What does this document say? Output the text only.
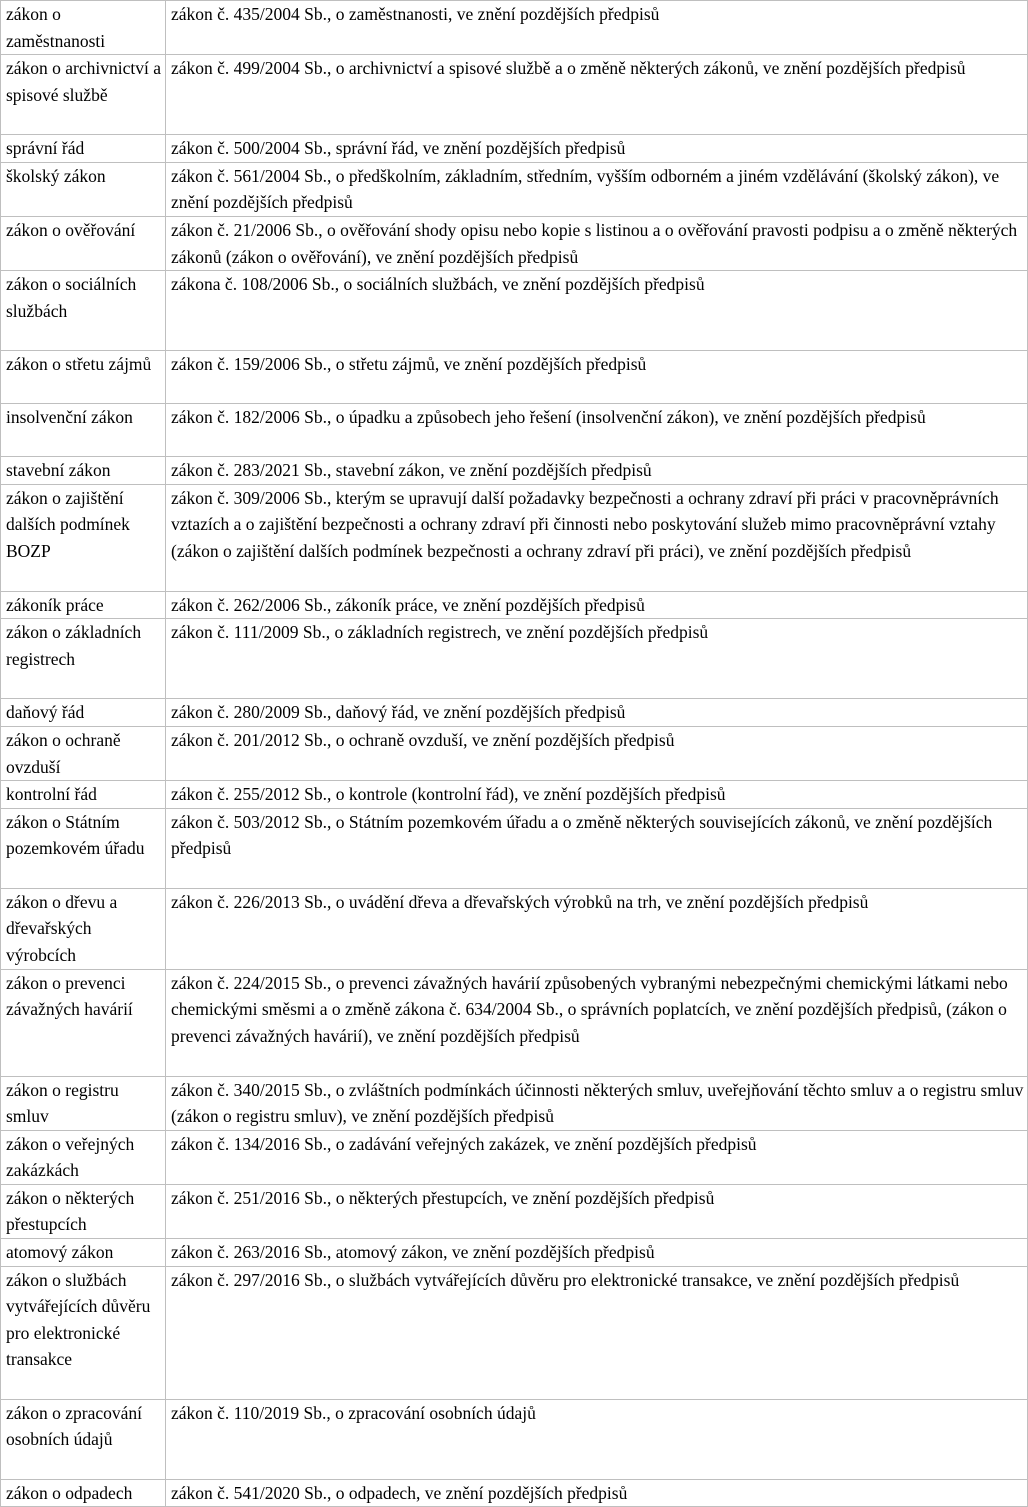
zákon o zaměstnanosti	zákon č. 435/2004 Sb., o zaměstnanosti, ve znění pozdějších předpisů
zákon o archivnictví a spisové službě	zákon č. 499/2004 Sb., o archivnictví a spisové službě a o změně některých zákonů, ve znění pozdějších předpisů
správní řád	zákon č. 500/2004 Sb., správní řád, ve znění pozdějších předpisů
školský zákon	zákon č. 561/2004 Sb., o předškolním, základním, středním, vyšším odborném a jiném vzdělávání (školský zákon), ve znění pozdějších předpisů
zákon o ověřování	zákon č. 21/2006 Sb., o ověřování shody opisu nebo kopie s listinou a o ověřování pravosti podpisu a o změně některých zákonů (zákon o ověřování), ve znění pozdějších předpisů
zákon o sociálních službách	zákona č. 108/2006 Sb., o sociálních službách, ve znění pozdějších předpisů
zákon o střetu zájmů	zákon č. 159/2006 Sb., o střetu zájmů, ve znění pozdějších předpisů
insolvenční zákon	zákon č. 182/2006 Sb., o úpadku a způsobech jeho řešení (insolvenční zákon), ve znění pozdějších předpisů
stavební zákon	zákon č. 283/2021 Sb., stavební zákon, ve znění pozdějších předpisů
zákon o zajištění dalších podmínek BOZP	zákon č. 309/2006 Sb., kterým se upravují další požadavky bezpečnosti a ochrany zdraví při práci v pracovněprávních vztazích a o zajištění bezpečnosti a ochrany zdraví při činnosti nebo poskytování služeb mimo pracovněprávní vztahy (zákon o zajištění dalších podmínek bezpečnosti a ochrany zdraví při práci), ve znění pozdějších předpisů
zákoník práce	zákon č. 262/2006 Sb., zákoník práce, ve znění pozdějších předpisů
zákon o základních registrech	zákon č. 111/2009 Sb., o základních registrech, ve znění pozdějších předpisů
daňový řád	zákon č. 280/2009 Sb., daňový řád, ve znění pozdějších předpisů
zákon o ochraně ovzduší	zákon č. 201/2012 Sb., o ochraně ovzduší, ve znění pozdějších předpisů
kontrolní řád	zákon č. 255/2012 Sb., o kontrole (kontrolní řád), ve znění pozdějších předpisů
zákon o Státním pozemkovém úřadu	zákon č. 503/2012 Sb., o Státním pozemkovém úřadu a o změně některých souvisejících zákonů, ve znění pozdějších předpisů
zákon o dřevu a dřevařských výrobcích	zákon č. 226/2013 Sb., o uvádění dřeva a dřevařských výrobků na trh, ve znění pozdějších předpisů
zákon o prevenci závažných havárií	zákon č. 224/2015 Sb., o prevenci závažných havárií způsobených vybranými nebezpečnými chemickými látkami nebo chemickými směsmi a o změně zákona č. 634/2004 Sb., o správních poplatcích, ve znění pozdějších předpisů, (zákon o prevenci závažných havárií), ve znění pozdějších předpisů
zákon o registru smluv	zákon č. 340/2015 Sb., o zvláštních podmínkách účinnosti některých smluv, uveřejňování těchto smluv a o registru smluv (zákon o registru smluv), ve znění pozdějších předpisů
zákon o veřejných zakázkách	zákon č. 134/2016 Sb., o zadávání veřejných zakázek, ve znění pozdějších předpisů
zákon o některých přestupcích	zákon č. 251/2016 Sb., o některých přestupcích, ve znění pozdějších předpisů
atomový zákon	zákon č. 263/2016 Sb., atomový zákon, ve znění pozdějších předpisů
zákon o službách vytvářejících důvěru pro elektronické transakce	zákon č. 297/2016 Sb., o službách vytvářejících důvěru pro elektronické transakce, ve znění pozdějších předpisů
zákon o zpracování osobních údajů	zákon č. 110/2019 Sb., o zpracování osobních údajů
zákon o odpadech	zákon č. 541/2020 Sb., o odpadech, ve znění pozdějších předpisů
